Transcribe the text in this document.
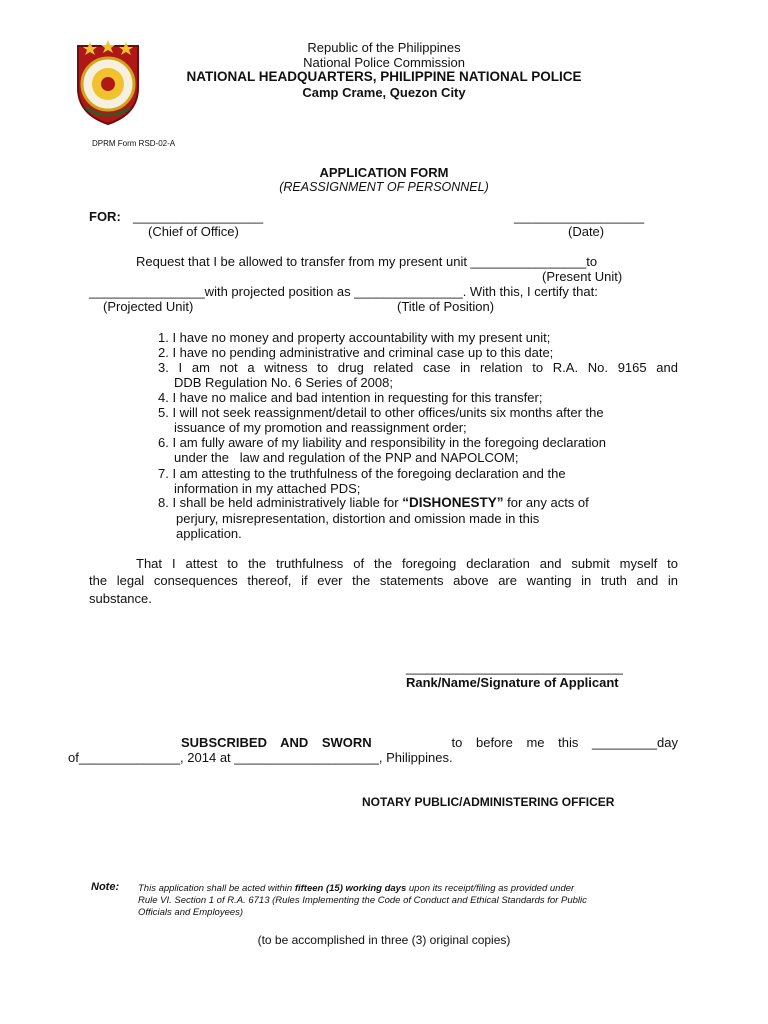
Republic of the Philippines
National Police Commission
NATIONAL HEADQUARTERS, PHILIPPINE NATIONAL POLICE
Camp Crame, Quezon City
DPRM Form RSD-02-A
APPLICATION FORM
(REASSIGNMENT OF PERSONNEL)
FOR: __________________	__________________
(Chief of Office)	(Date)
Request that I be allowed to transfer from my present unit ________________to
(Present Unit)
________________with projected position as _______________. With this, I certify that:
(Projected Unit)	(Title of Position)
1. I have no money and property accountability with my present unit;
2. I have no pending administrative and criminal case up to this date;
3. I am not a witness to drug related case in relation to R.A. No. 9165 and
DDB Regulation No. 6 Series of 2008;
4. I have no malice and bad intention in requesting for this transfer;
5. I will not seek reassignment/detail to other offices/units six months after the
issuance of my promotion and reassignment order;
6. I am fully aware of my liability and responsibility in the foregoing declaration
under the   law and regulation of the PNP and NAPOLCOM;
7. I am attesting to the truthfulness of the foregoing declaration and the
information in my attached PDS;
8. I shall be held administratively liable for “DISHONESTY” for any acts of
perjury, misrepresentation, distortion and omission made in this
application.
That I attest to the truthfulness of the foregoing declaration and submit myself to
the legal consequences thereof, if ever the statements above are wanting in truth and in
substance.
______________________________
Rank/Name/Signature of Applicant
SUBSCRIBED AND SWORN	to before me this _________day
of______________, 2014 at ____________________, Philippines.
NOTARY PUBLIC/ADMINISTERING OFFICER
Note: This application shall be acted within fifteen (15) working days upon its receipt/filing as provided under
Rule VI. Section 1 of R.A. 6713 (Rules Implementing the Code of Conduct and Ethical Standards for Public
Officials and Employees)
(to be accomplished in three (3) original copies)
